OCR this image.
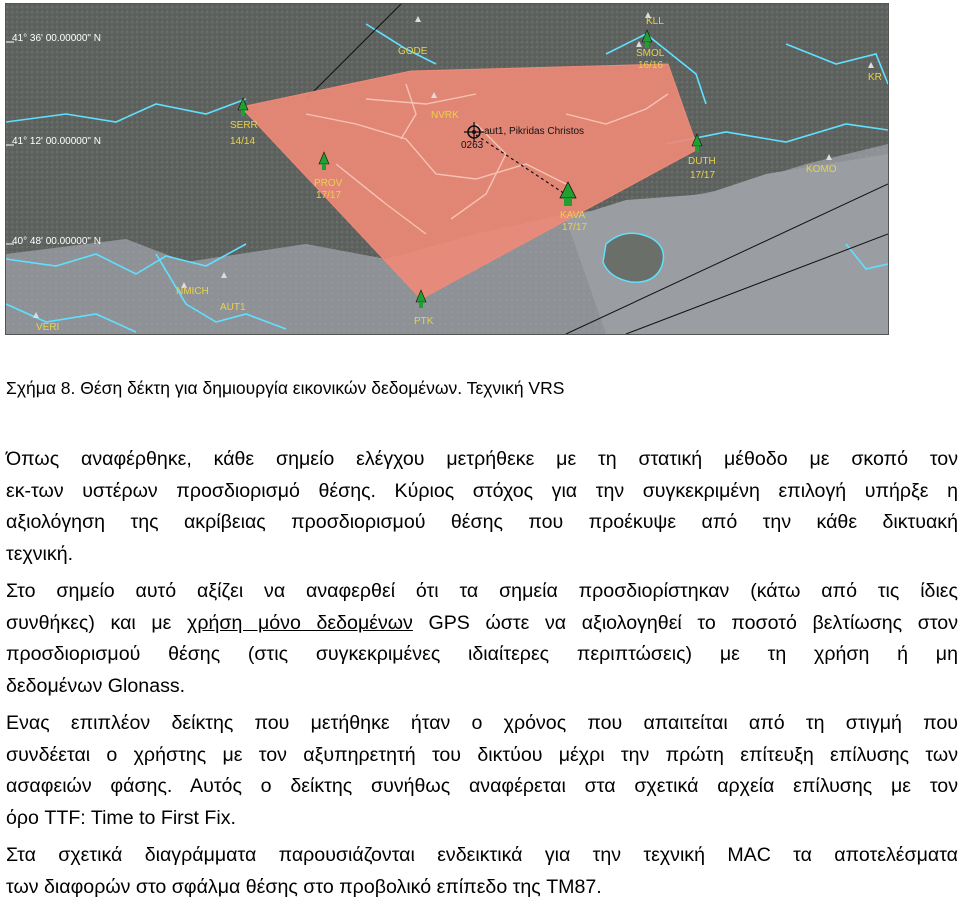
41° 36' 00.00000" N
41° 12' 00.00000" N
40° 48' 00.00000" N
GODE
NVRK
KLL
SMOL
16/16
KR
SERR
14/14
PROV
17/17
DUTH
17/17
KOMO
KAVA
17/17
NMICH
AUT1
VERI
PTK
aut1, Pikridas Christos
0263
Σχήμα 8. Θέση δέκτη για δημιουργία εικονικών δεδομένων. Τεχνική VRS
Όπως αναφέρθηκε, κάθε σημείο ελέγχου μετρήθεκε με τη στατική μέθοδο με σκοπό τον
εκ-των υστέρων προσδιορισμό θέσης. Κύριος στόχος για την συγκεκριμένη επιλογή υπήρξε η
αξιολόγηση της ακρίβειας προσδιορισμού θέσης που προέκυψε από την κάθε δικτυακή
τεχνική.
Στο σημείο αυτό αξίζει να αναφερθεί ότι τα σημεία προσδιορίστηκαν (κάτω από τις ίδιες
συνθήκες) και με χρήση μόνο δεδομένων GPS ώστε να αξιολογηθεί το ποσοτό βελτίωσης στον
προσδιορισμού θέσης (στις συγκεκριμένες ιδιαίτερες περιπτώσεις) με τη χρήση ή μη
δεδομένων Glonass.
Ενας επιπλέον δείκτης που μετήθηκε ήταν ο χρόνος που απαιτείται από τη στιγμή που
συνδέεται ο χρήστης με τον αξυπηρετητή του δικτύου μέχρι την πρώτη επίτευξη επίλυσης των
ασαφειών φάσης. Αυτός ο δείκτης συνήθως αναφέρεται στα σχετικά αρχεία επίλυσης με τον
όρο TTF: Time to First Fix.
Στα σχετικά διαγράμματα παρουσιάζονται ενδεικτικά για την τεχνική MAC τα αποτελέσματα
των διαφορών στο σφάλμα θέσης στο προβολικό επίπεδο της TM87.
